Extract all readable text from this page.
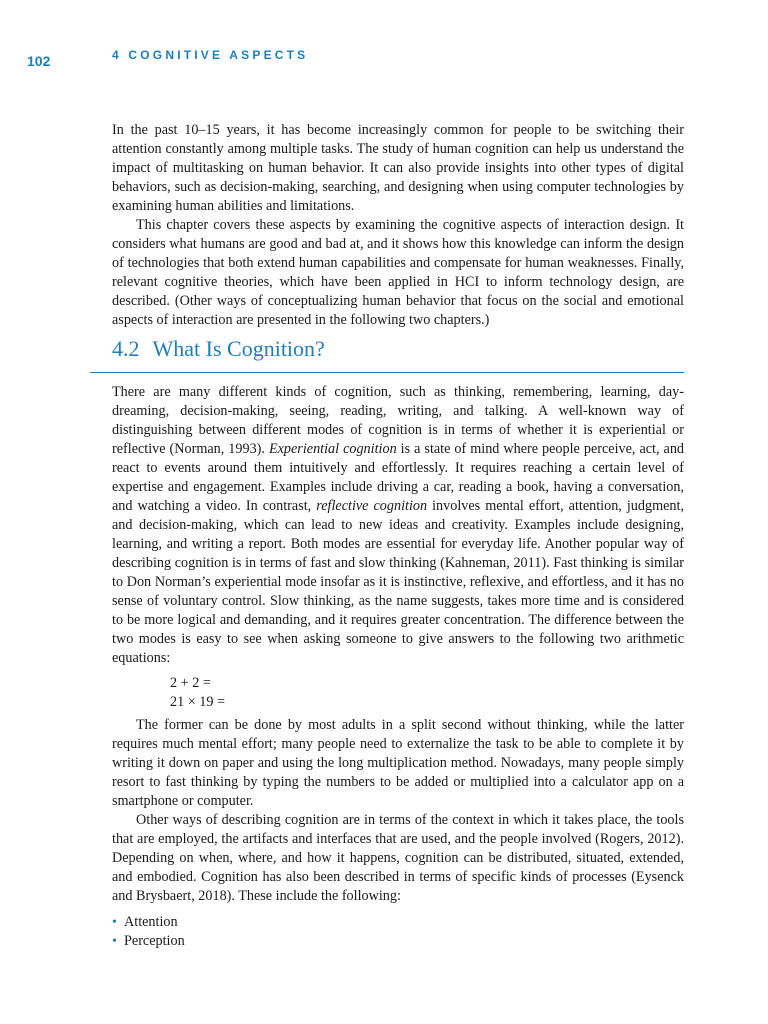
102	4 COGNITIVE ASPECTS

In the past 10–15 years, it has become increasingly common for people to be switching their attention constantly among multiple tasks. The study of human cognition can help us understand the impact of multitasking on human behavior. It can also provide insights into other types of digital behaviors, such as decision-making, searching, and designing when using computer technologies by examining human abilities and limitations.

This chapter covers these aspects by examining the cognitive aspects of interaction design. It considers what humans are good and bad at, and it shows how this knowledge can inform the design of technologies that both extend human capabilities and compensate for human weaknesses. Finally, relevant cognitive theories, which have been applied in HCI to inform technology design, are described. (Other ways of conceptualizing human behavior that focus on the social and emotional aspects of interaction are presented in the following two chapters.)

4.2 What Is Cognition?

There are many different kinds of cognition, such as thinking, remembering, learning, day-dreaming, decision-making, seeing, reading, writing, and talking. A well-known way of distinguishing between different modes of cognition is in terms of whether it is experiential or reflective (Norman, 1993). Experiential cognition is a state of mind where people perceive, act, and react to events around them intuitively and effortlessly. It requires reaching a certain level of expertise and engagement. Examples include driving a car, reading a book, having a conversation, and watching a video. In contrast, reflective cognition involves mental effort, attention, judgment, and decision-making, which can lead to new ideas and creativity. Examples include designing, learning, and writing a report. Both modes are essential for everyday life. Another popular way of describing cognition is in terms of fast and slow thinking (Kahneman, 2011). Fast thinking is similar to Don Norman’s experiential mode insofar as it is instinctive, reflexive, and effortless, and it has no sense of voluntary control. Slow thinking, as the name suggests, takes more time and is considered to be more logical and demanding, and it requires greater concentration. The difference between the two modes is easy to see when asking someone to give answers to the following two arithmetic equations:

2 + 2 =

21 × 19 =

The former can be done by most adults in a split second without thinking, while the latter requires much mental effort; many people need to externalize the task to be able to complete it by writing it down on paper and using the long multiplication method. Nowadays, many people simply resort to fast thinking by typing the numbers to be added or multiplied into a calculator app on a smartphone or computer.

Other ways of describing cognition are in terms of the context in which it takes place, the tools that are employed, the artifacts and interfaces that are used, and the people involved (Rogers, 2012). Depending on when, where, and how it happens, cognition can be distributed, situated, extended, and embodied. Cognition has also been described in terms of specific kinds of processes (Eysenck and Brysbaert, 2018). These include the following:

• Attention
• Perception
